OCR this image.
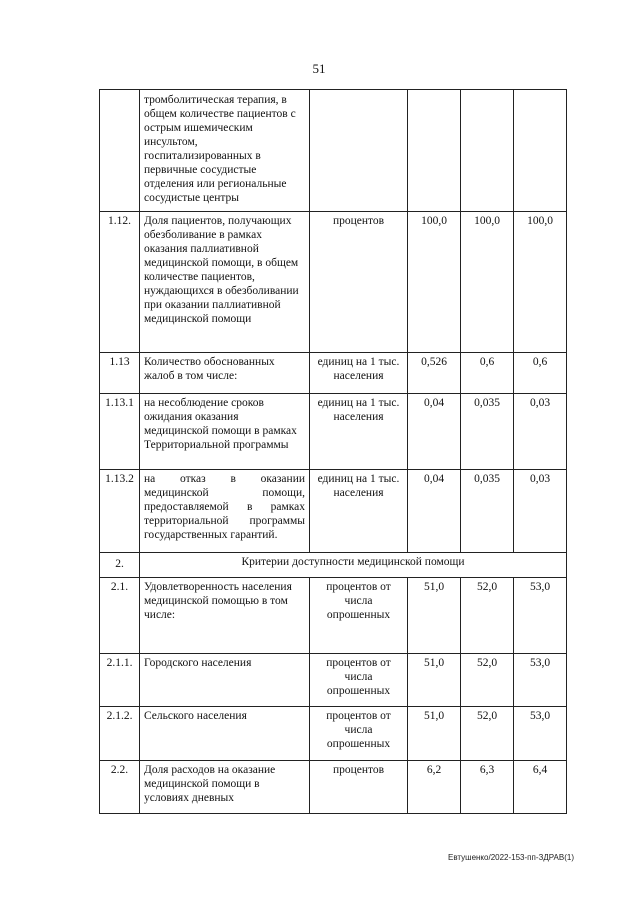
51
	тромболитическая терапия, в общем количестве пациентов с острым ишемическим инсультом, госпитализированных в первичные сосудистые отделения или региональные сосудистые центры				
1.12.	Доля пациентов, получающих обезболивание в рамках оказания паллиативной медицинской помощи, в общем количестве пациентов, нуждающихся в обезболивании при оказании паллиативной медицинской помощи	процентов	100,0	100,0	100,0
1.13	Количество обоснованных жалоб в том числе:	единиц на 1 тыс. населения	0,526	0,6	0,6
1.13.1	на несоблюдение сроков ожидания оказания медицинской помощи в рамках Территориальной программы	единиц на 1 тыс. населения	0,04	0,035	0,03
1.13.2	на отказ в оказании медицинской помощи, предоставляемой в рамках территориальной программы государственных гарантий.	единиц на 1 тыс. населения	0,04	0,035	0,03
2.	Критерии доступности медицинской помощи				
2.1.	Удовлетворенность населения медицинской помощью в том числе:	процентов от числа опрошенных	51,0	52,0	53,0
2.1.1.	Городского населения	процентов от числа опрошенных	51,0	52,0	53,0
2.1.2.	Сельского населения	процентов от числа опрошенных	51,0	52,0	53,0
2.2.	Доля расходов на оказание медицинской помощи в условиях дневных	процентов	6,2	6,3	6,4
Евтушенко/2022-153-пп-ЗДРАВ(1)
